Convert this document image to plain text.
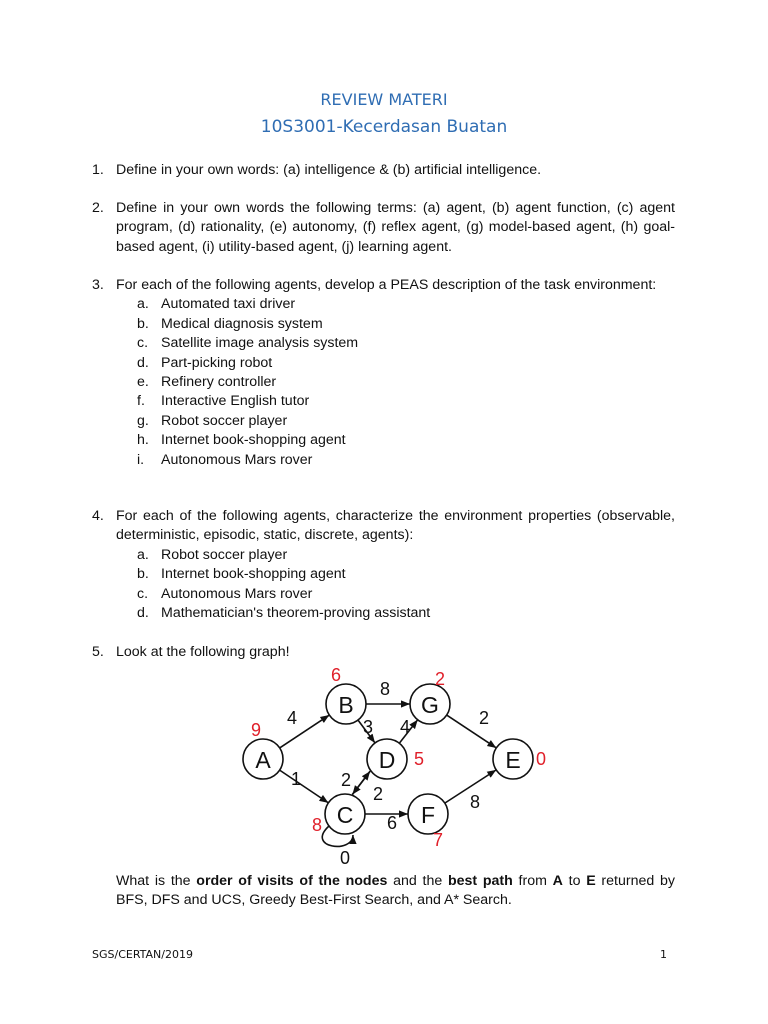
REVIEW MATERI
10S3001-Kecerdasan Buatan
1. Define in your own words: (a) intelligence & (b) artificial intelligence.
2. Define in your own words the following terms: (a) agent, (b) agent function, (c) agent program, (d) rationality, (e) autonomy, (f) reflex agent, (g) model-based agent, (h) goal-based agent, (i) utility-based agent, (j) learning agent.
3. For each of the following agents, develop a PEAS description of the task environment:
a. Automated taxi driver
b. Medical diagnosis system
c. Satellite image analysis system
d. Part-picking robot
e. Refinery controller
f. Interactive English tutor
g. Robot soccer player
h. Internet book-shopping agent
i. Autonomous Mars rover
4. For each of the following agents, characterize the environment properties (observable, deterministic, episodic, static, discrete, agents):
a. Robot soccer player
b. Internet book-shopping agent
c. Autonomous Mars rover
d. Mathematician's theorem-proving assistant
5. Look at the following graph!
4
1
8
3 4
2
2
2
6
8
0
A
9
B
6
G
2
D 5	E 0
C
8	F
7
What is the order of visits of the nodes and the best path from A to E returned by BFS, DFS and UCS, Greedy Best-First Search, and A* Search.
SGS/CERTAN/2019	1
